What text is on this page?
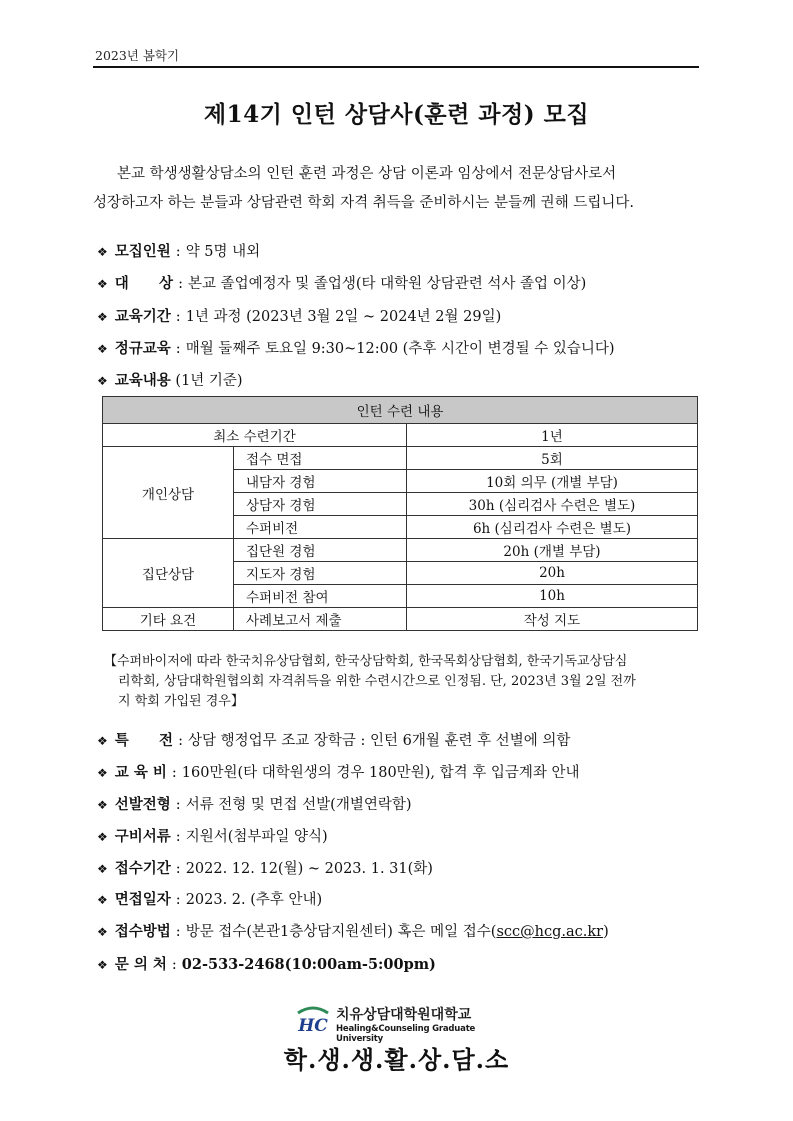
2023년 봄학기
제14기 인턴 상담사(훈련 과정) 모집
본교 학생생활상담소의 인턴 훈련 과정은 상담 이론과 임상에서 전문상담사로서
성장하고자 하는 분들과 상담관련 학회 자격 취득을 준비하시는 분들께 권해 드립니다.
❖ 모집인원 : 약 5명 내외
❖ 대      상 : 본교 졸업예정자 및 졸업생(타 대학원 상담관련 석사 졸업 이상)
❖ 교육기간 : 1년 과정 (2023년 3월 2일 ~ 2024년 2월 29일)
❖ 정규교육 : 매월 둘째주 토요일 9:30~12:00 (추후 시간이 변경될 수 있습니다)
❖ 교육내용 (1년 기준)
인턴 수련 내용		
최소 수련기간		1년
개인상담	접수 면접	5회
	내담자 경험	10회 의무 (개별 부담)
	상담자 경험	30h (심리검사 수련은 별도)
	수퍼비전	6h (심리검사 수련은 별도)
집단상담	집단원 경험	20h (개별 부담)
	지도자 경험	20h
	수퍼비전 참여	10h
기타 요건	사례보고서 제출	작성 지도
【수퍼바이저에 따라 한국치유상담협회, 한국상담학회, 한국목회상담협회, 한국기독교상담심
리학회, 상담대학원협의회 자격취득을 위한 수련시간으로 인정됨. 단, 2023년 3월 2일 전까
지 학회 가입된 경우】
❖ 특      전 : 상담 행정업무 조교 장학금 : 인턴 6개월 훈련 후 선별에 의함
❖ 교 육 비 : 160만원(타 대학원생의 경우 180만원), 합격 후 입금계좌 안내
❖ 선발전형 : 서류 전형 및 면접 선발(개별연락함)
❖ 구비서류 : 지원서(첨부파일 양식)
❖ 접수기간 : 2022. 12. 12(월) ~ 2023. 1. 31(화)
❖ 면접일자 : 2023. 2. (추후 안내)
❖ 접수방법 : 방문 접수(본관1층상담지원센터) 혹은 메일 접수(scc@hcg.ac.kr)
❖ 문 의 처 : 02-533-2468(10:00am-5:00pm)
HC
치유상담대학원대학교
Healing&Counseling Graduate University
학.생.생.활.상.담.소
